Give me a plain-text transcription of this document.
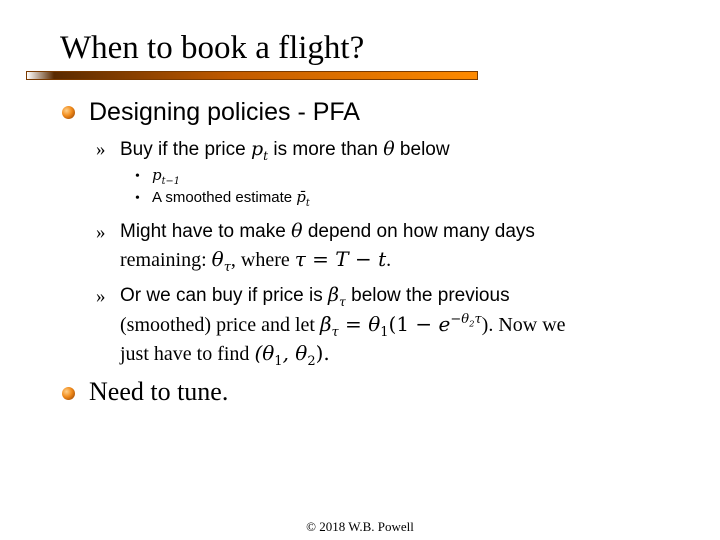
When to book a flight?
Designing policies - PFA
» Buy if the price $p_t$ is more than θ below
• $p_{t-1}$
• A smoothed estimate $p̄_t$
» Might have to make θ depend on how many days
remaining: $\theta_\tau$, where τ = T − t.
» Or we can buy if price is $\beta_\tau$ below the previous
(smoothed) price and let $\beta_\tau = \theta_1(1 - e^{-\theta_2\tau})$. Now we
just have to find ($\theta_1$, $\theta_2$).
Need to tune.
© 2018 W.B. Powell
